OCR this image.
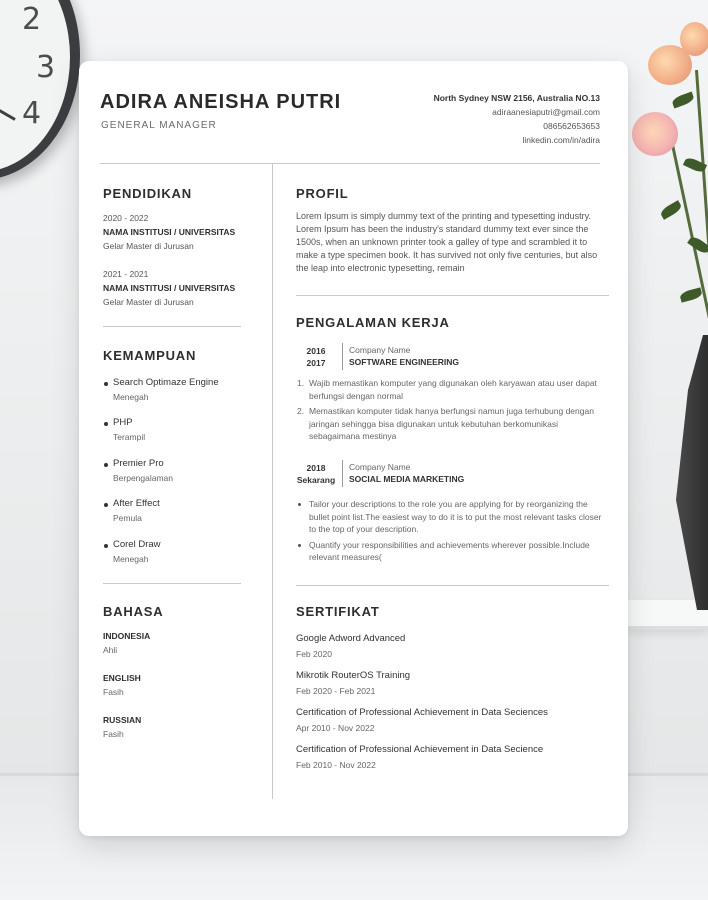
2
3
4	ADIRA ANEISHA PUTRI
GENERAL MANAGER
North Sydney NSW 2156, Australia NO.13
adiraanesiaputri@gmail.com
086562653653
linkedin.com/in/adira
PENDIDIKAN
2020 - 2022
NAMA INSTITUSI / UNIVERSITAS
Gelar Master di Jurusan
2021 - 2021
NAMA INSTITUSI / UNIVERSITAS
Gelar Master di Jurusan
KEMAMPUAN
Search Optimaze Engine
Menegah
PHP
Terampil
Premier Pro
Berpengalaman
After Effect
Pemula
Corel Draw
Menegah
BAHASA
INDONESIA
Ahli
ENGLISH
Fasih
RUSSIAN
Fasih
PROFIL
Lorem Ipsum is simply dummy text of the printing and typesetting industry. Lorem Ipsum has been the industry's standard dummy text ever since the 1500s, when an unknown printer took a galley of type and scrambled it to make a type specimen book. It has survived not only five centuries, but also the leap into electronic typesetting, remain
PENGALAMAN KERJA
2016
2017
Company Name
SOFTWARE ENGINEERING
1. Wajib memastikan komputer yang digunakan oleh karyawan atau user dapat berfungsi dengan normal
2. Memastikan komputer tidak hanya berfungsi namun juga terhubung dengan jaringan sehingga bisa digunakan untuk kebutuhan berkomunikasi sebagaimana mestinya
2018
Sekarang
Company Name
SOCIAL MEDIA MARKETING
Tailor your descriptions to the role you are applying for by reorganizing the bullet point list.The easiest way to do it is to put the most relevant tasks closer to the top of your description.
Quantify your responsibilities and achievements wherever possible.Include relevant measures(
SERTIFIKAT
Google Adword Advanced
Feb 2020
Mikrotik RouterOS Training
Feb 2020 - Feb 2021
Certification of Professional Achievement in Data Seciences
Apr 2010 - Nov 2022
Certification of Professional Achievement in Data Secience
Feb 2010 - Nov 2022
